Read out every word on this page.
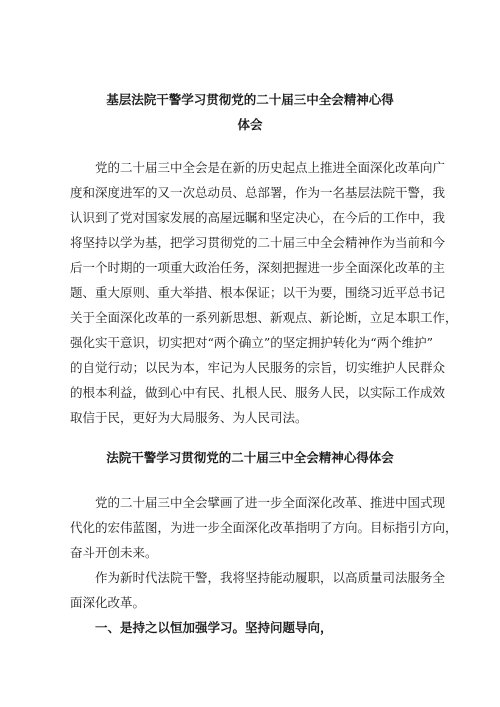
基层法院干警学习贯彻党的二十届三中全会精神心得
体会

党的二十届三中全会是在新的历史起点上推进全面深化改革向广

度和深度进军的又一次总动员、总部署，作为一名基层法院干警，我

认识到了党对国家发展的高屋远瞩和坚定决心，在今后的工作中，我

将坚持以学为基，把学习贯彻党的二十届三中全会精神作为当前和今

后一个时期的一项重大政治任务，深刻把握进一步全面深化改革的主

题、重大原则、重大举措、根本保证；以干为要，围绕习近平总书记

关于全面深化改革的一系列新思想、新观点、新论断，立足本职工作，

强化实干意识，切实把对“两个确立”的坚定拥护转化为“两个维护”

的自觉行动；以民为本，牢记为人民服务的宗旨，切实维护人民群众

的根本利益，做到心中有民、扎根人民、服务人民，以实际工作成效

取信于民，更好为大局服务、为人民司法。

法院干警学习贯彻党的二十届三中全会精神心得体会

党的二十届三中全会擘画了进一步全面深化改革、推进中国式现

代化的宏伟蓝图，为进一步全面深化改革指明了方向。目标指引方向，

奋斗开创未来。

作为新时代法院干警，我将坚持能动履职，以高质量司法服务全

面深化改革。

一、是持之以恒加强学习。坚持问题导向，
